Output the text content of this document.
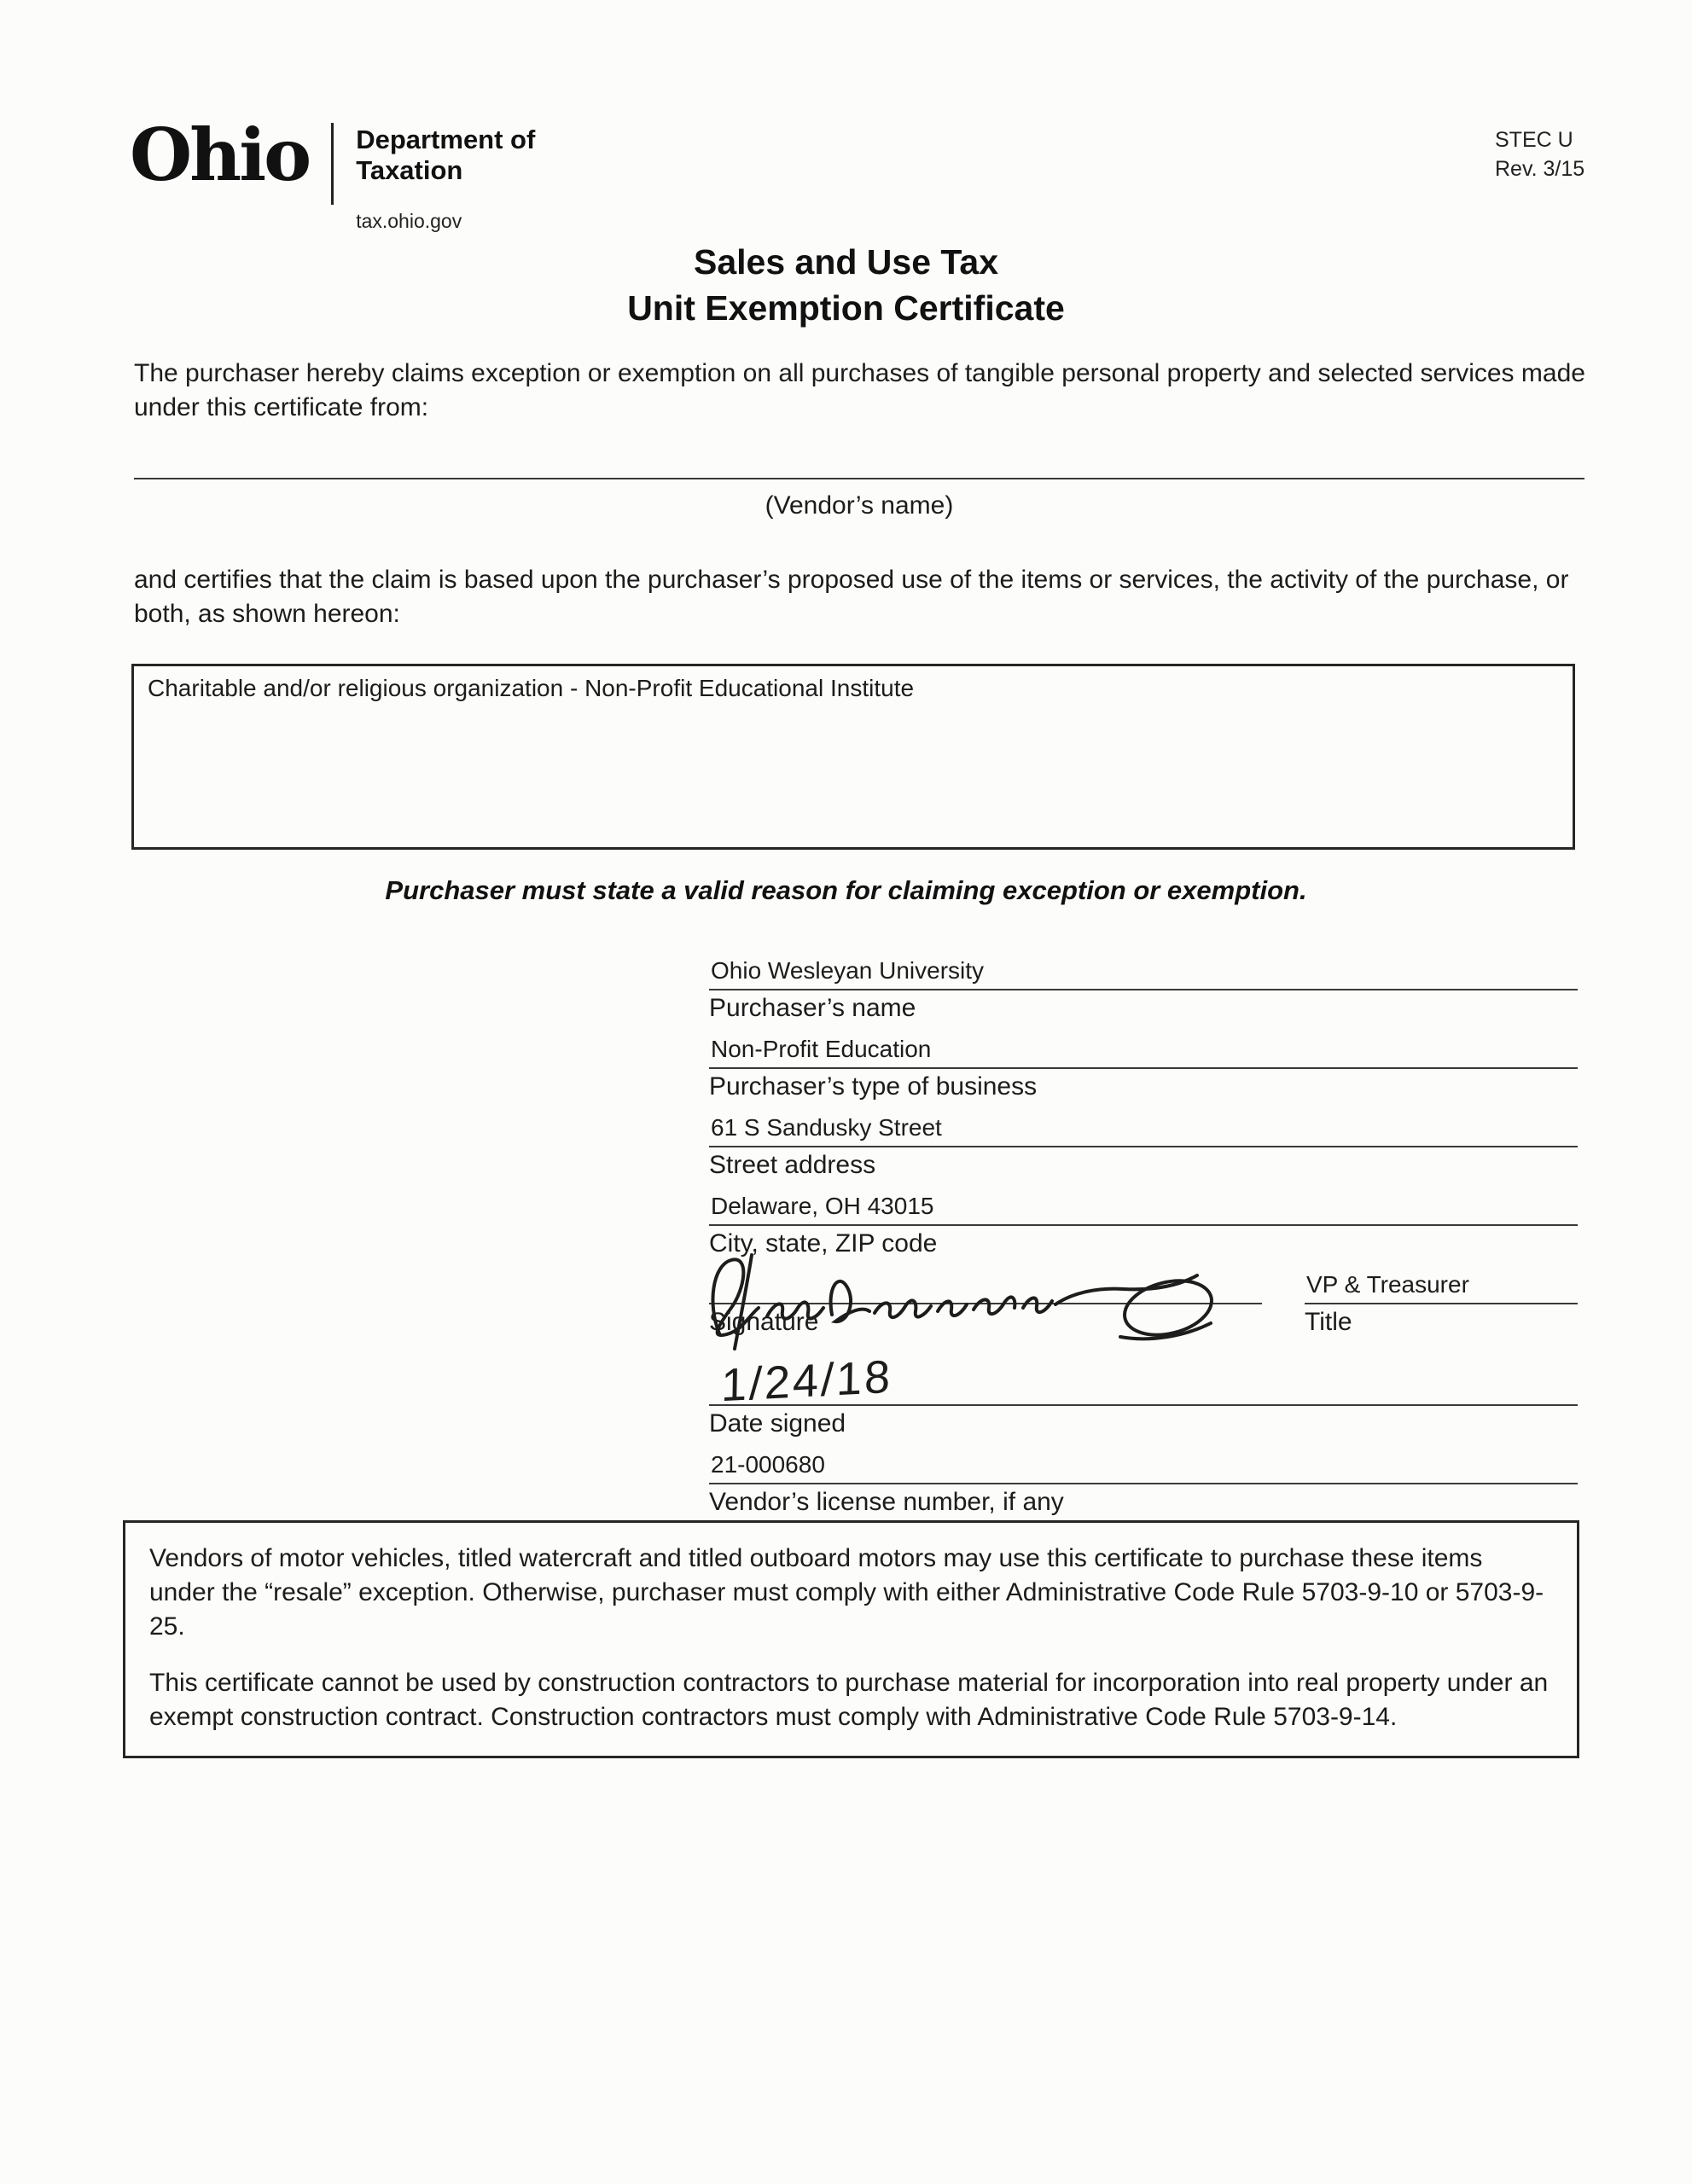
Ohio Department of
Taxation
tax.ohio.gov
STEC U
Rev. 3/15
Sales and Use Tax
Unit Exemption Certificate
The purchaser hereby claims exception or exemption on all purchases of tangible personal property and selected services made under this certificate from:
(Vendor’s name)
and certifies that the claim is based upon the purchaser’s proposed use of the items or services, the activity of the purchase, or both, as shown hereon:
Charitable and/or religious organization - Non-Profit Educational Institute
Purchaser must state a valid reason for claiming exception or exemption.
Ohio Wesleyan University
Purchaser’s name
Non-Profit Education
Purchaser’s type of business
61 S Sandusky Street
Street address
Delaware, OH 43015
City, state, ZIP code
Signature
VP & Treasurer
Title
1/24/18
Date signed
21-000680
Vendor’s license number, if any
Vendors of motor vehicles, titled watercraft and titled outboard motors may use this certificate to purchase these items under the “resale” exception. Otherwise, purchaser must comply with either Administrative Code Rule 5703-9-10 or 5703-9-25.
This certificate cannot be used by construction contractors to purchase material for incorporation into real property under an exempt construction contract. Construction contractors must comply with Administrative Code Rule 5703-9-14.
